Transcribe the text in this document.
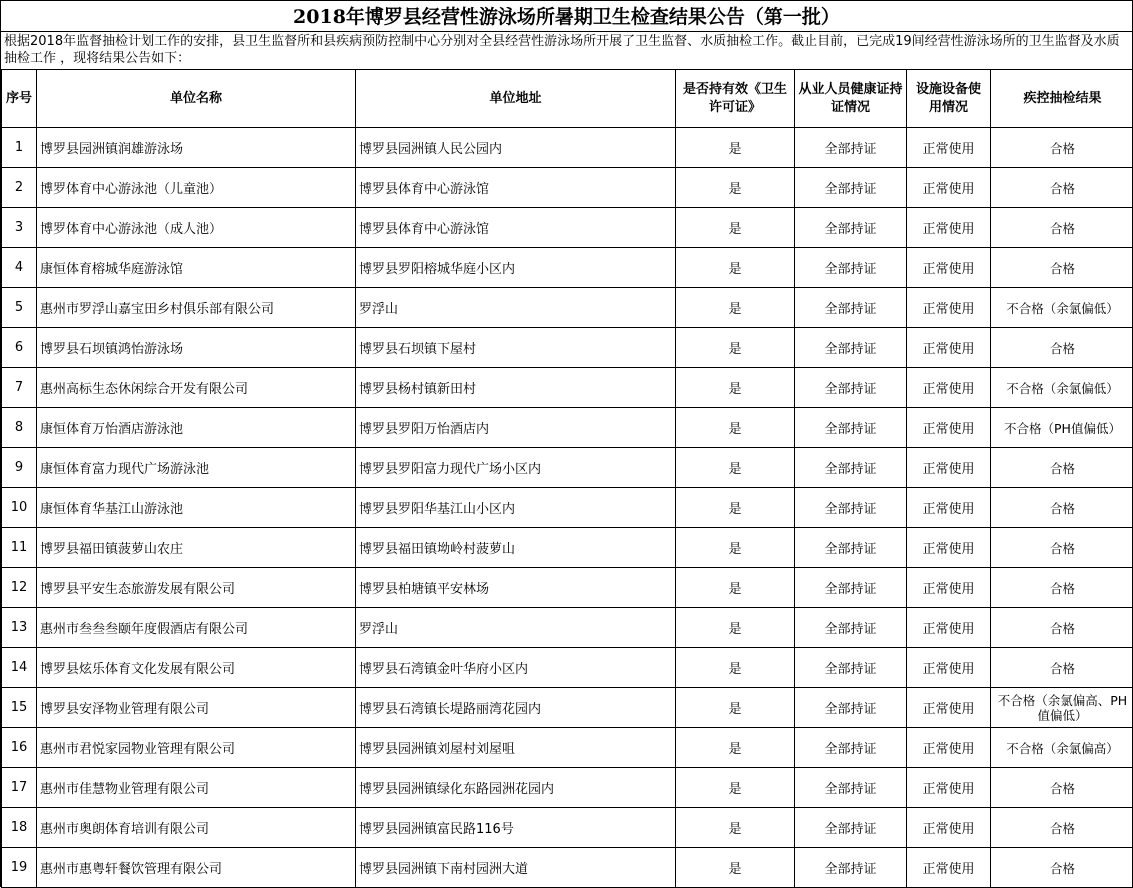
2018年博罗县经营性游泳场所暑期卫生检查结果公告（第一批）
根据2018年监督抽检计划工作的安排，县卫生监督所和县疾病预防控制中心分别对全县经营性游泳场所开展了卫生监督、水质抽检工作。截止目前，已完成19间经营性游泳场所的卫生监督及水质抽检工作 ，现将结果公告如下：
序号	单位名称	单位地址	是否持有效《卫生许可证》	从业人员健康证持证情况	设施设备使用情况	疾控抽检结果
1	博罗县园洲镇润雄游泳场	博罗县园洲镇人民公园内	是	全部持证	正常使用	合格
2	博罗体育中心游泳池（儿童池）	博罗县体育中心游泳馆	是	全部持证	正常使用	合格
3	博罗体育中心游泳池（成人池）	博罗县体育中心游泳馆	是	全部持证	正常使用	合格
4	康恒体育榕城华庭游泳馆	博罗县罗阳榕城华庭小区内	是	全部持证	正常使用	合格
5	惠州市罗浮山嘉宝田乡村俱乐部有限公司	罗浮山	是	全部持证	正常使用	不合格（余氯偏低）
6	博罗县石坝镇鸿怡游泳场	博罗县石坝镇下屋村	是	全部持证	正常使用	合格
7	惠州高标生态休闲综合开发有限公司	博罗县杨村镇新田村	是	全部持证	正常使用	不合格（余氯偏低）
8	康恒体育万怡酒店游泳池	博罗县罗阳万怡酒店内	是	全部持证	正常使用	不合格（PH值偏低）
9	康恒体育富力现代广场游泳池	博罗县罗阳富力现代广场小区内	是	全部持证	正常使用	合格
10	康恒体育华基江山游泳池	博罗县罗阳华基江山小区内	是	全部持证	正常使用	合格
11	博罗县福田镇菠萝山农庄	博罗县福田镇坳岭村菠萝山	是	全部持证	正常使用	合格
12	博罗县平安生态旅游发展有限公司	博罗县柏塘镇平安林场	是	全部持证	正常使用	合格
13	惠州市叁叁叁颐年度假酒店有限公司	罗浮山	是	全部持证	正常使用	合格
14	博罗县炫乐体育文化发展有限公司	博罗县石湾镇金叶华府小区内	是	全部持证	正常使用	合格
15	博罗县安泽物业管理有限公司	博罗县石湾镇长堤路丽湾花园内	是	全部持证	正常使用	不合格（余氯偏高、PH值偏低）
16	惠州市君悦家园物业管理有限公司	博罗县园洲镇刘屋村刘屋咀	是	全部持证	正常使用	不合格（余氯偏高）
17	惠州市佳慧物业管理有限公司	博罗县园洲镇绿化东路园洲花园内	是	全部持证	正常使用	合格
18	惠州市奥朗体育培训有限公司	博罗县园洲镇富民路116号	是	全部持证	正常使用	合格
19	惠州市惠粤轩餐饮管理有限公司	博罗县园洲镇下南村园洲大道	是	全部持证	正常使用	合格
